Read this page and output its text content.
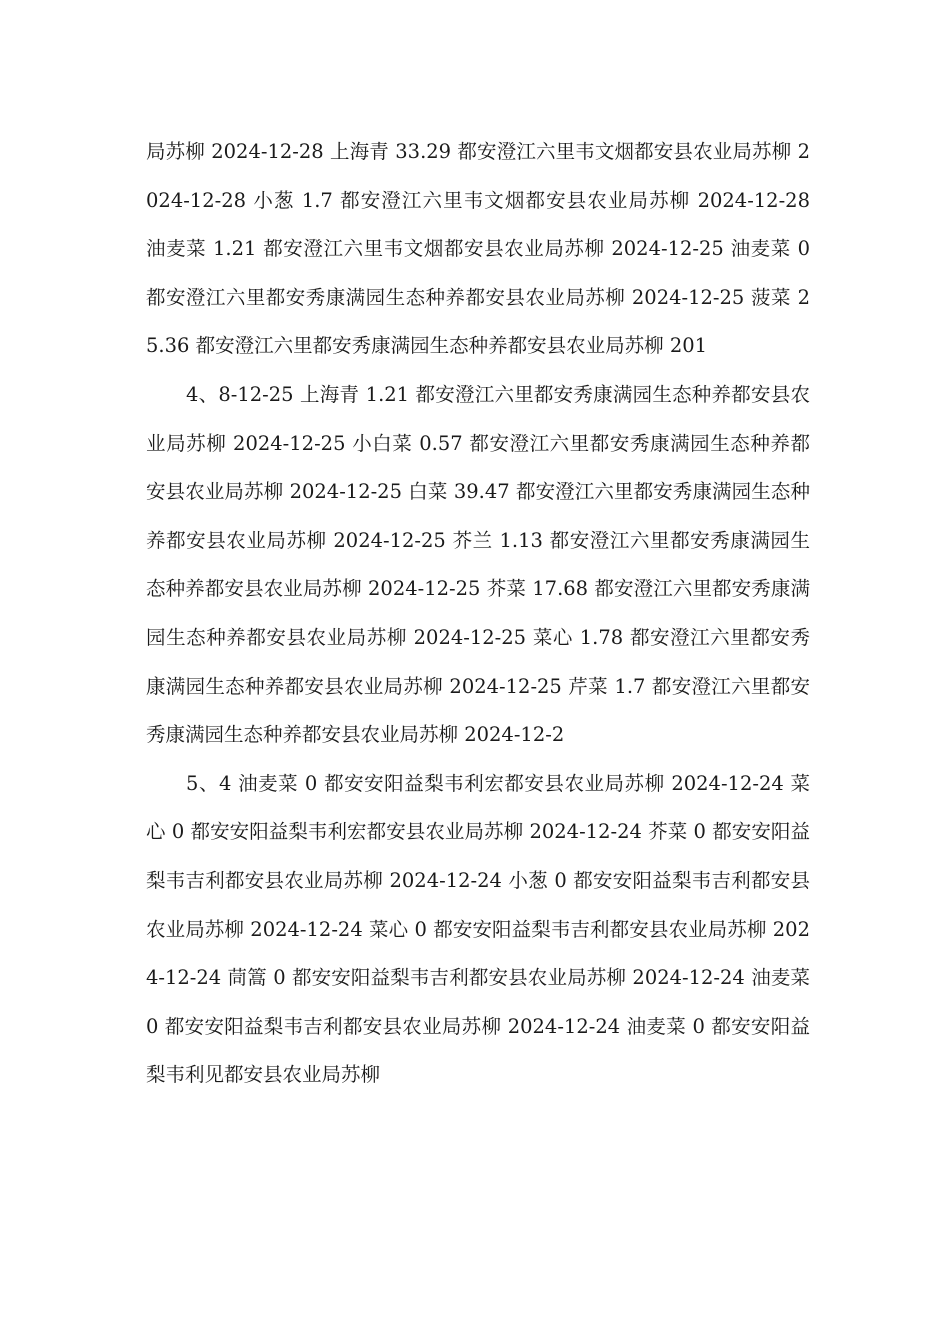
局苏柳 2024-12-28 上海青 33.29 都安澄江六里韦文烟都安县农业局苏柳 2024-12-28 小葱 1.7 都安澄江六里韦文烟都安县农业局苏柳 2024-12-28 油麦菜 1.21 都安澄江六里韦文烟都安县农业局苏柳 2024-12-25 油麦菜 0 都安澄江六里都安秀康满园生态种养都安县农业局苏柳 2024-12-25 菠菜 25.36 都安澄江六里都安秀康满园生态种养都安县农业局苏柳 201

4、8-12-25 上海青 1.21 都安澄江六里都安秀康满园生态种养都安县农业局苏柳 2024-12-25 小白菜 0.57 都安澄江六里都安秀康满园生态种养都安县农业局苏柳 2024-12-25 白菜 39.47 都安澄江六里都安秀康满园生态种养都安县农业局苏柳 2024-12-25 芥兰 1.13 都安澄江六里都安秀康满园生态种养都安县农业局苏柳 2024-12-25 芥菜 17.68 都安澄江六里都安秀康满园生态种养都安县农业局苏柳 2024-12-25 菜心 1.78 都安澄江六里都安秀康满园生态种养都安县农业局苏柳 2024-12-25 芹菜 1.7 都安澄江六里都安秀康满园生态种养都安县农业局苏柳 2024-12-2

5、4 油麦菜 0 都安安阳益梨韦利宏都安县农业局苏柳 2024-12-24 菜心 0 都安安阳益梨韦利宏都安县农业局苏柳 2024-12-24 芥菜 0 都安安阳益梨韦吉利都安县农业局苏柳 2024-12-24 小葱 0 都安安阳益梨韦吉利都安县农业局苏柳 2024-12-24 菜心 0 都安安阳益梨韦吉利都安县农业局苏柳 2024-12-24 茼篙 0 都安安阳益梨韦吉利都安县农业局苏柳 2024-12-24 油麦菜 0 都安安阳益梨韦吉利都安县农业局苏柳 2024-12-24 油麦菜 0 都安安阳益梨韦利见都安县农业局苏柳
